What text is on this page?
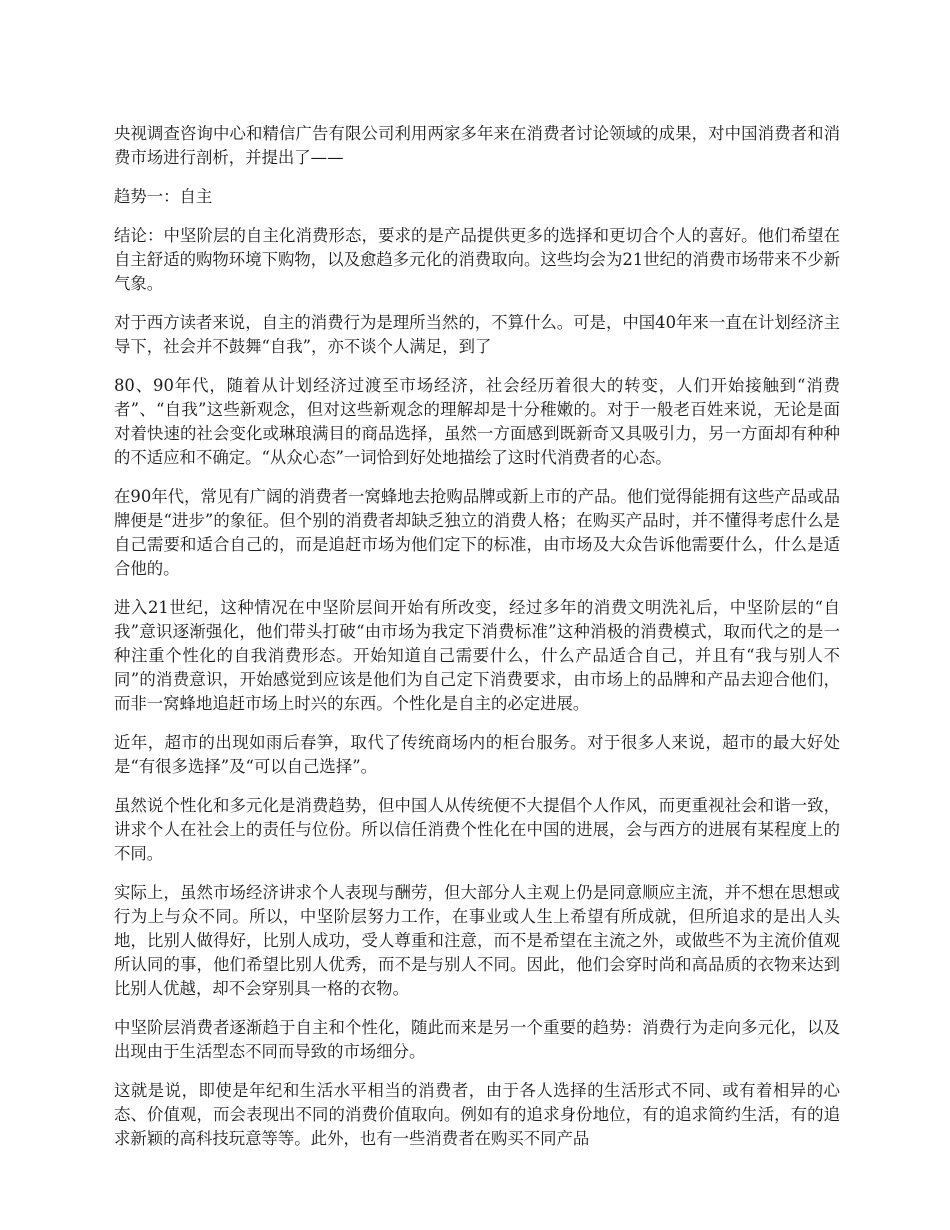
央视调查咨询中心和精信广告有限公司利用两家多年来在消费者讨论领域的成果，对中国消费者和消费市场进行剖析，并提出了——

趋势一：自主

结论：中坚阶层的自主化消费形态，要求的是产品提供更多的选择和更切合个人的喜好。他们希望在自主舒适的购物环境下购物，以及愈趋多元化的消费取向。这些均会为21世纪的消费市场带来不少新气象。

对于西方读者来说，自主的消费行为是理所当然的，不算什么。可是，中国40年来一直在计划经济主导下，社会并不鼓舞“自我”，亦不谈个人满足，到了

80、90年代，随着从计划经济过渡至市场经济，社会经历着很大的转变，人们开始接触到“消费者”、“自我”这些新观念，但对这些新观念的理解却是十分稚嫩的。对于一般老百姓来说，无论是面对着快速的社会变化或琳琅满目的商品选择，虽然一方面感到既新奇又具吸引力，另一方面却有种种的不适应和不确定。“从众心态”一词恰到好处地描绘了这时代消费者的心态。

在90年代，常见有广阔的消费者一窝蜂地去抢购品牌或新上市的产品。他们觉得能拥有这些产品或品牌便是“进步”的象征。但个别的消费者却缺乏独立的消费人格；在购买产品时，并不懂得考虑什么是自己需要和适合自己的，而是追赶市场为他们定下的标准，由市场及大众告诉他需要什么，什么是适合他的。

进入21世纪，这种情况在中坚阶层间开始有所改变，经过多年的消费文明洗礼后，中坚阶层的“自我”意识逐渐强化，他们带头打破“由市场为我定下消费标准”这种消极的消费模式，取而代之的是一种注重个性化的自我消费形态。开始知道自己需要什么，什么产品适合自己，并且有“我与别人不同”的消费意识，开始感觉到应该是他们为自己定下消费要求，由市场上的品牌和产品去迎合他们，而非一窝蜂地追赶市场上时兴的东西。个性化是自主的必定进展。

近年，超市的出现如雨后春笋，取代了传统商场内的柜台服务。对于很多人来说，超市的最大好处是“有很多选择”及“可以自己选择”。

虽然说个性化和多元化是消费趋势，但中国人从传统便不大提倡个人作风，而更重视社会和谐一致，讲求个人在社会上的责任与位份。所以信任消费个性化在中国的进展，会与西方的进展有某程度上的不同。

实际上，虽然市场经济讲求个人表现与酬劳，但大部分人主观上仍是同意顺应主流，并不想在思想或行为上与众不同。所以，中坚阶层努力工作，在事业或人生上希望有所成就，但所追求的是出人头地，比别人做得好，比别人成功，受人尊重和注意，而不是希望在主流之外，或做些不为主流价值观所认同的事，他们希望比别人优秀，而不是与别人不同。因此，他们会穿时尚和高品质的衣物来达到比别人优越，却不会穿别具一格的衣物。

中坚阶层消费者逐渐趋于自主和个性化，随此而来是另一个重要的趋势：消费行为走向多元化，以及出现由于生活型态不同而导致的市场细分。

这就是说，即使是年纪和生活水平相当的消费者，由于各人选择的生活形式不同、或有着相异的心态、价值观，而会表现出不同的消费价值取向。例如有的追求身份地位，有的追求简约生活，有的追求新颖的高科技玩意等等。此外，也有一些消费者在购买不同产品
